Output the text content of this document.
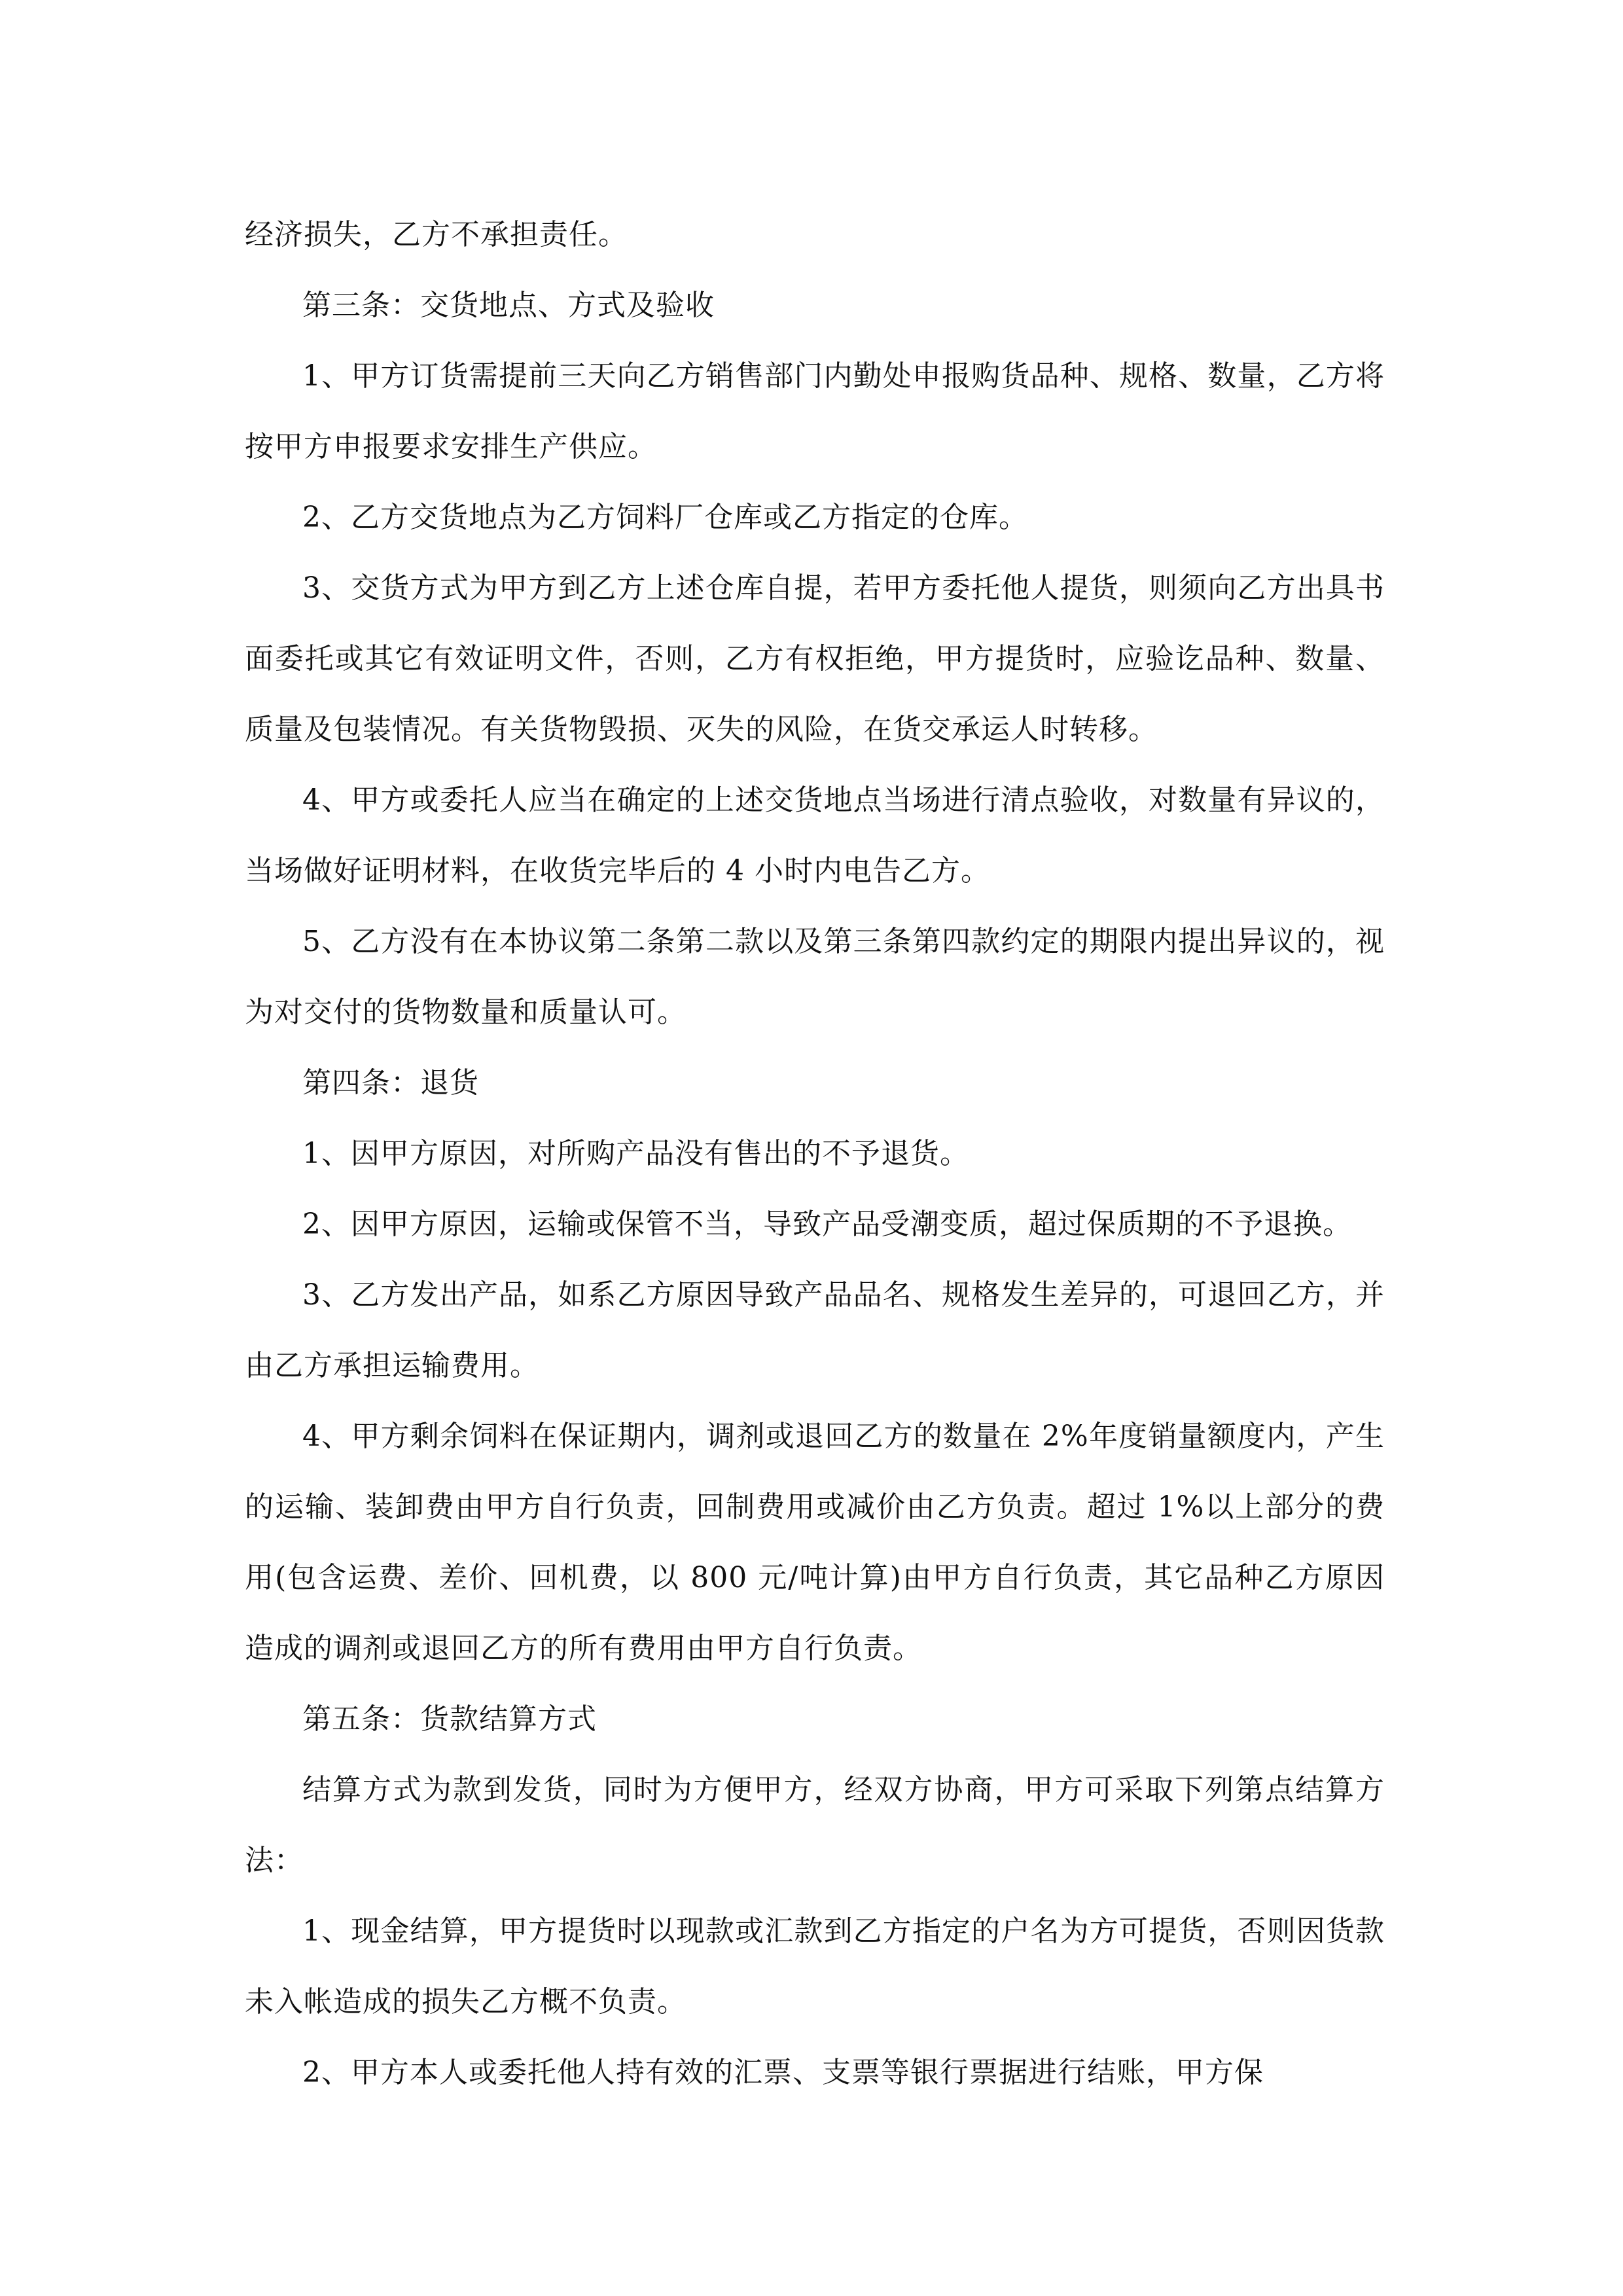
经济损失，乙方不承担责任。

第三条：交货地点、方式及验收

1、甲方订货需提前三天向乙方销售部门内勤处申报购货品种、规格、数量，乙方将按甲方申报要求安排生产供应。

2、乙方交货地点为乙方饲料厂仓库或乙方指定的仓库。

3、交货方式为甲方到乙方上述仓库自提，若甲方委托他人提货，则须向乙方出具书面委托或其它有效证明文件，否则，乙方有权拒绝，甲方提货时，应验讫品种、数量、质量及包装情况。有关货物毁损、灭失的风险，在货交承运人时转移。

4、甲方或委托人应当在确定的上述交货地点当场进行清点验收，对数量有异议的，当场做好证明材料，在收货完毕后的 4 小时内电告乙方。

5、乙方没有在本协议第二条第二款以及第三条第四款约定的期限内提出异议的，视为对交付的货物数量和质量认可。

第四条：退货

1、因甲方原因，对所购产品没有售出的不予退货。

2、因甲方原因，运输或保管不当，导致产品受潮变质，超过保质期的不予退换。

3、乙方发出产品，如系乙方原因导致产品品名、规格发生差异的，可退回乙方，并由乙方承担运输费用。

4、甲方剩余饲料在保证期内，调剂或退回乙方的数量在 2%年度销量额度内，产生的运输、装卸费由甲方自行负责，回制费用或减价由乙方负责。超过 1%以上部分的费用(包含运费、差价、回机费，以 800 元/吨计算)由甲方自行负责，其它品种乙方原因造成的调剂或退回乙方的所有费用由甲方自行负责。

第五条：货款结算方式

结算方式为款到发货，同时为方便甲方，经双方协商，甲方可采取下列第点结算方法：

1、现金结算，甲方提货时以现款或汇款到乙方指定的户名为方可提货，否则因货款未入帐造成的损失乙方概不负责。

2、甲方本人或委托他人持有效的汇票、支票等银行票据进行结账，甲方保
